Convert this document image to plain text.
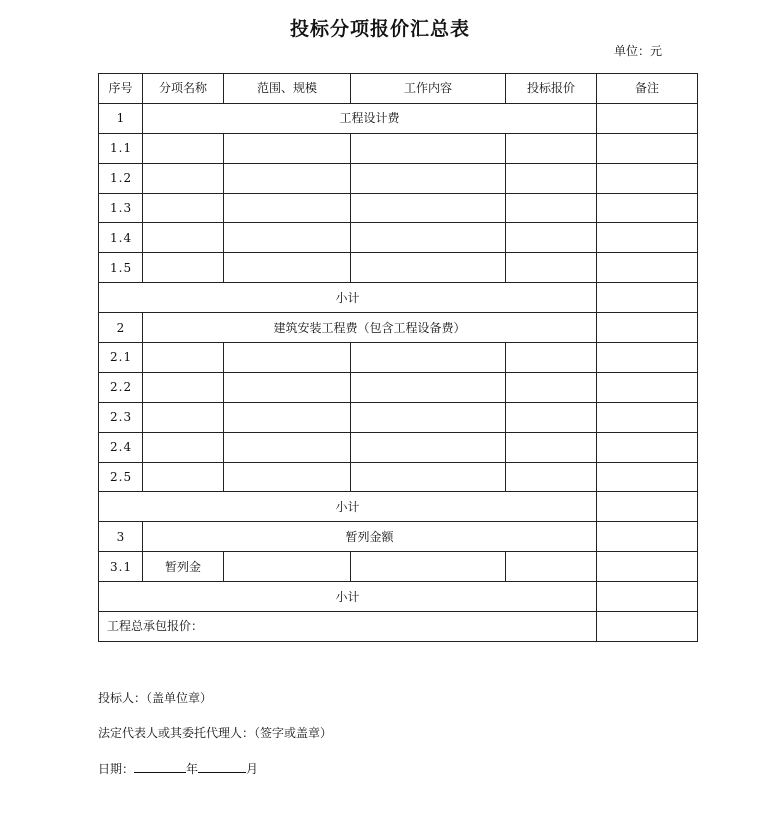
投标分项报价汇总表
单位：元
序号	分项名称	范围、规模	工作内容	投标报价	备注
1	工程设计费				
1.1					
1.2					
1.3					
1.4					
1.5					
小计					
2	建筑安装工程费（包含工程设备费）				
2.1					
2.2					
2.3					
2.4					
2.5					
小计					
3	暂列金额				
3.1	暂列金				
小计					
工程总承包报价：					
投标人：（盖单位章）
法定代表人或其委托代理人：（签字或盖章）
日期：	年	月
